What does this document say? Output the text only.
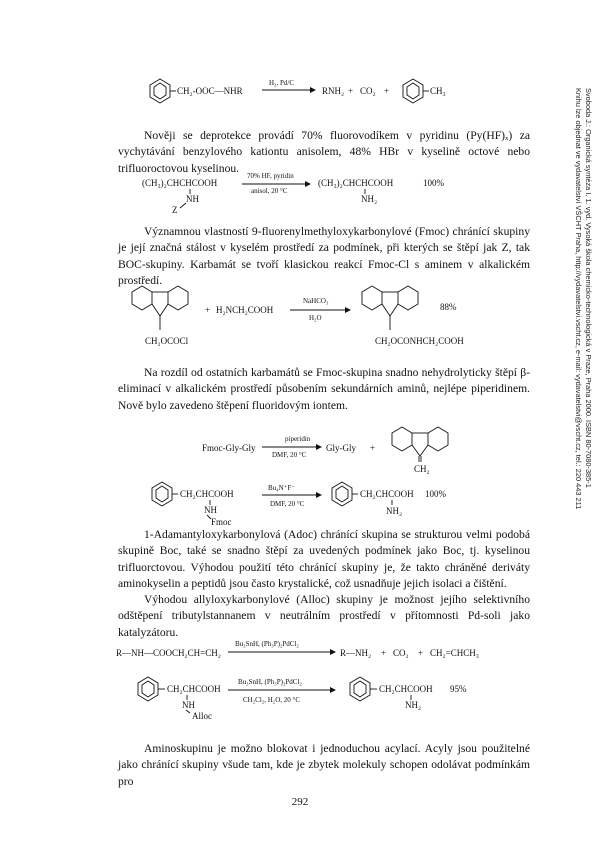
CH₂-OOC—NHR
H₂, Pd/C
RNH₂ + CO₂ +	CH₃
(CH₃)₂CHCHCOOH
NH
Z
70% HF, pyridin
anisol, 20 °C
(CH₃)₂CHCHCOOH
NH₂
100%
CH₂OCOCl
+ H₂NCH₂COOH
NaHCO₃
H₂O
CH₂OCONHCH₂COOH
88%
Fmoc-Gly-Gly
piperidin
DMF, 20 °C
Gly-Gly +
CH₂
CH₂CHCOOH
NH
Fmoc
Bu₄N⁺F⁻
DMF, 20 °C
CH₂CHCOOH
NH₂
100%
R—NH—COOCH₂CH=CH₂
Bu₃SnH, (Ph₃P)₂PdCl₂
R—NH₂ + CO₂ + CH₂=CHCH₃
CH₂CHCOOH
NH
Alloc
Bu₃SnH, (Ph₃P)₂PdCl₂
CH₂Cl₂, H₂O, 20 °C
CH₂CHCOOH
NH₂
95%

Nověji se deprotekce provádí 70% fluorovodíkem v pyridinu (Py(HF)ₓ) za vychytávání benzylového kationtu anisolem, 48% HBr v kyselině octové nebo trifluoroctovou kyselinou.

Významnou vlastností 9-fluorenylmethyloxykarbonylové (Fmoc) chránící skupiny je její značná stálost v kyselém prostředí za podmínek, při kterých se štěpí jak Z, tak BOC-skupiny. Karbamát se tvoří klasickou reakcí Fmoc-Cl s aminem v alkalickém prostředí.

Na rozdíl od ostatních karbamátů se Fmoc-skupina snadno nehydrolyticky štěpí β-eliminací v alkalickém prostředí působením sekundárních aminů, nejlépe piperidinem. Nově bylo zavedeno štěpení fluoridovým iontem.

1-Adamantyloxykarbonylová (Adoc) chránící skupina se strukturou velmi podobá skupině Boc, také se snadno štěpí za uvedených podmínek jako Boc, tj. kyselinou trifluorctovou. Výhodou použití této chránící skupiny je, že takto chráněné deriváty aminokyselin a peptidů jsou často krystalické, což usnadňuje jejich isolaci a čištění.

Výhodou allyloxykarbonylové (Alloc) skupiny je možnost jejího selektivního odštěpení tributylstannanem v neutrálním prostředí v přítomnosti Pd-soli jako katalyzátoru.

Aminoskupinu je možno blokovat i jednoduchou acylací. Acyly jsou použitelné jako chránící skupiny všude tam, kde je zbytek molekuly schopen odolávat podmínkám pro

Svoboda J.: Organická syntéza I. 1. vyd. Vysoká škola chemicko-technologická v Praze, Praha 2000. ISBN 80-7080-385-1
Knihu lze objednat ve vydavatelství VŠCHT Praha, http://vydavatelstvi.vscht.cz, e-mail: vydavatelstvi@vscht.cz, tel.: 220 443 211
292
